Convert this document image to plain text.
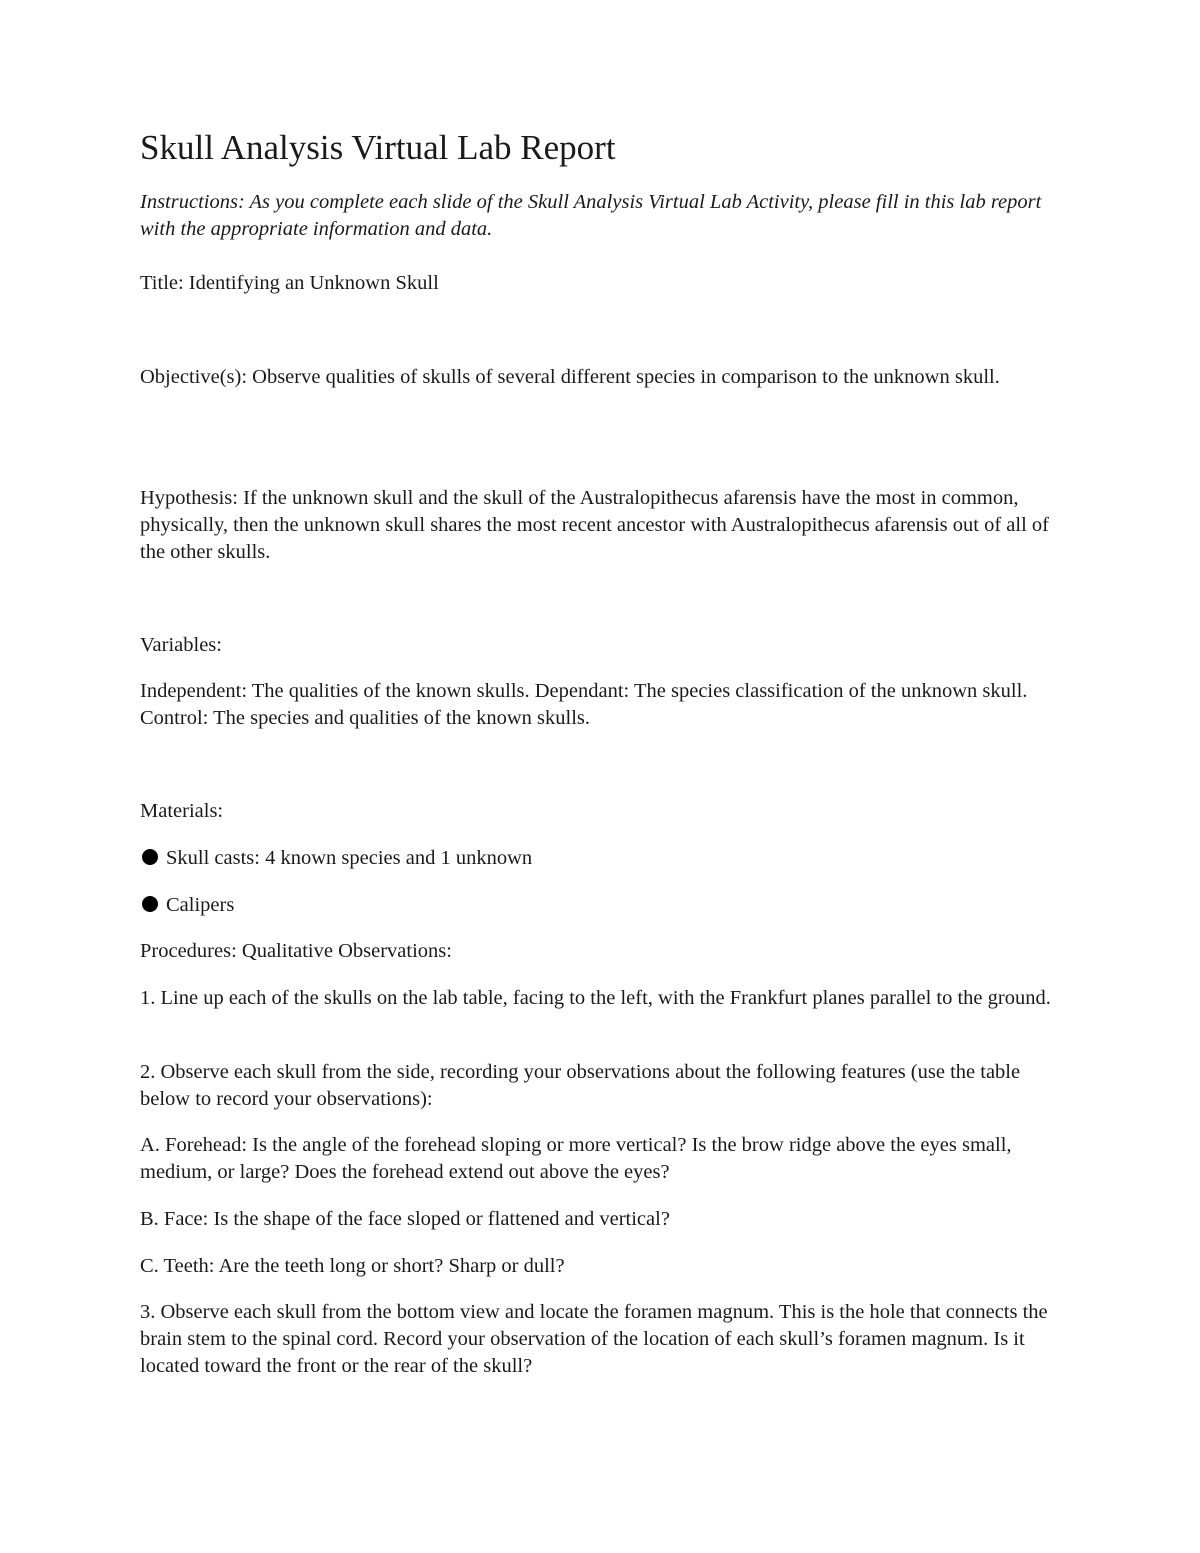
Skull Analysis Virtual Lab Report

Instructions: As you complete each slide of the Skull Analysis Virtual Lab Activity, please fill in this lab report with the appropriate information and data.

Title: Identifying an Unknown Skull

Objective(s): Observe qualities of skulls of several different species in comparison to the unknown skull.

Hypothesis: If the unknown skull and the skull of the Australopithecus afarensis have the most in common, physically, then the unknown skull shares the most recent ancestor with Australopithecus afarensis out of all of the other skulls.

Variables:

Independent: The qualities of the known skulls. Dependant: The species classification of the unknown skull. Control: The species and qualities of the known skulls.

Materials:

Skull casts: 4 known species and 1 unknown

Calipers

Procedures: Qualitative Observations:

1. Line up each of the skulls on the lab table, facing to the left, with the Frankfurt planes parallel to the ground.

2. Observe each skull from the side, recording your observations about the following features (use the table below to record your observations):

A. Forehead: Is the angle of the forehead sloping or more vertical? Is the brow ridge above the eyes small, medium, or large? Does the forehead extend out above the eyes?

B. Face: Is the shape of the face sloped or flattened and vertical?

C. Teeth: Are the teeth long or short? Sharp or dull?

3. Observe each skull from the bottom view and locate the foramen magnum. This is the hole that connects the brain stem to the spinal cord. Record your observation of the location of each skull’s foramen magnum. Is it located toward the front or the rear of the skull?
